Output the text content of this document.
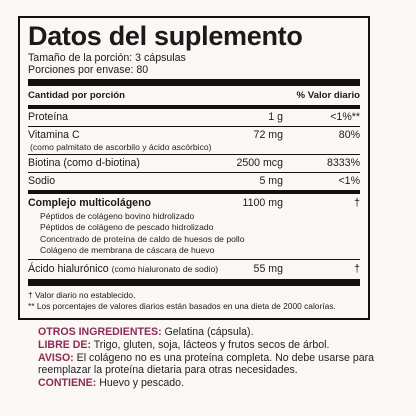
Datos del suplemento
Tamaño de la porción: 3 cápsulas
Porciones por envase: 80
Cantidad por porción	% Valor diario
Proteína	1 g	<1%**
Vitamina C	72 mg	80%
(como palmitato de ascorbilo y ácido ascórbico)
Biotina (como d-biotina)	2500 mcg	8333%
Sodio	5 mg	<1%
Complejo multicolágeno	1100 mg	†
Péptidos de colágeno bovino hidrolizado
Péptidos de colágeno de pescado hidrolizado
Concentrado de proteína de caldo de huesos de pollo
Colágeno de membrana de cáscara de huevo
Ácido hialurónico (como hialuronato de sodio)	55 mg	†
† Valor diario no establecido.
** Los porcentajes de valores diarios están basados en una dieta de 2000 calorías.

OTROS INGREDIENTES: Gelatina (cápsula).

LIBRE DE: Trigo, gluten, soja, lácteos y frutos secos de árbol.

AVISO: El colágeno no es una proteína completa. No debe usarse para reemplazar la proteína dietaria para otras necesidades.

CONTIENE: Huevo y pescado.
